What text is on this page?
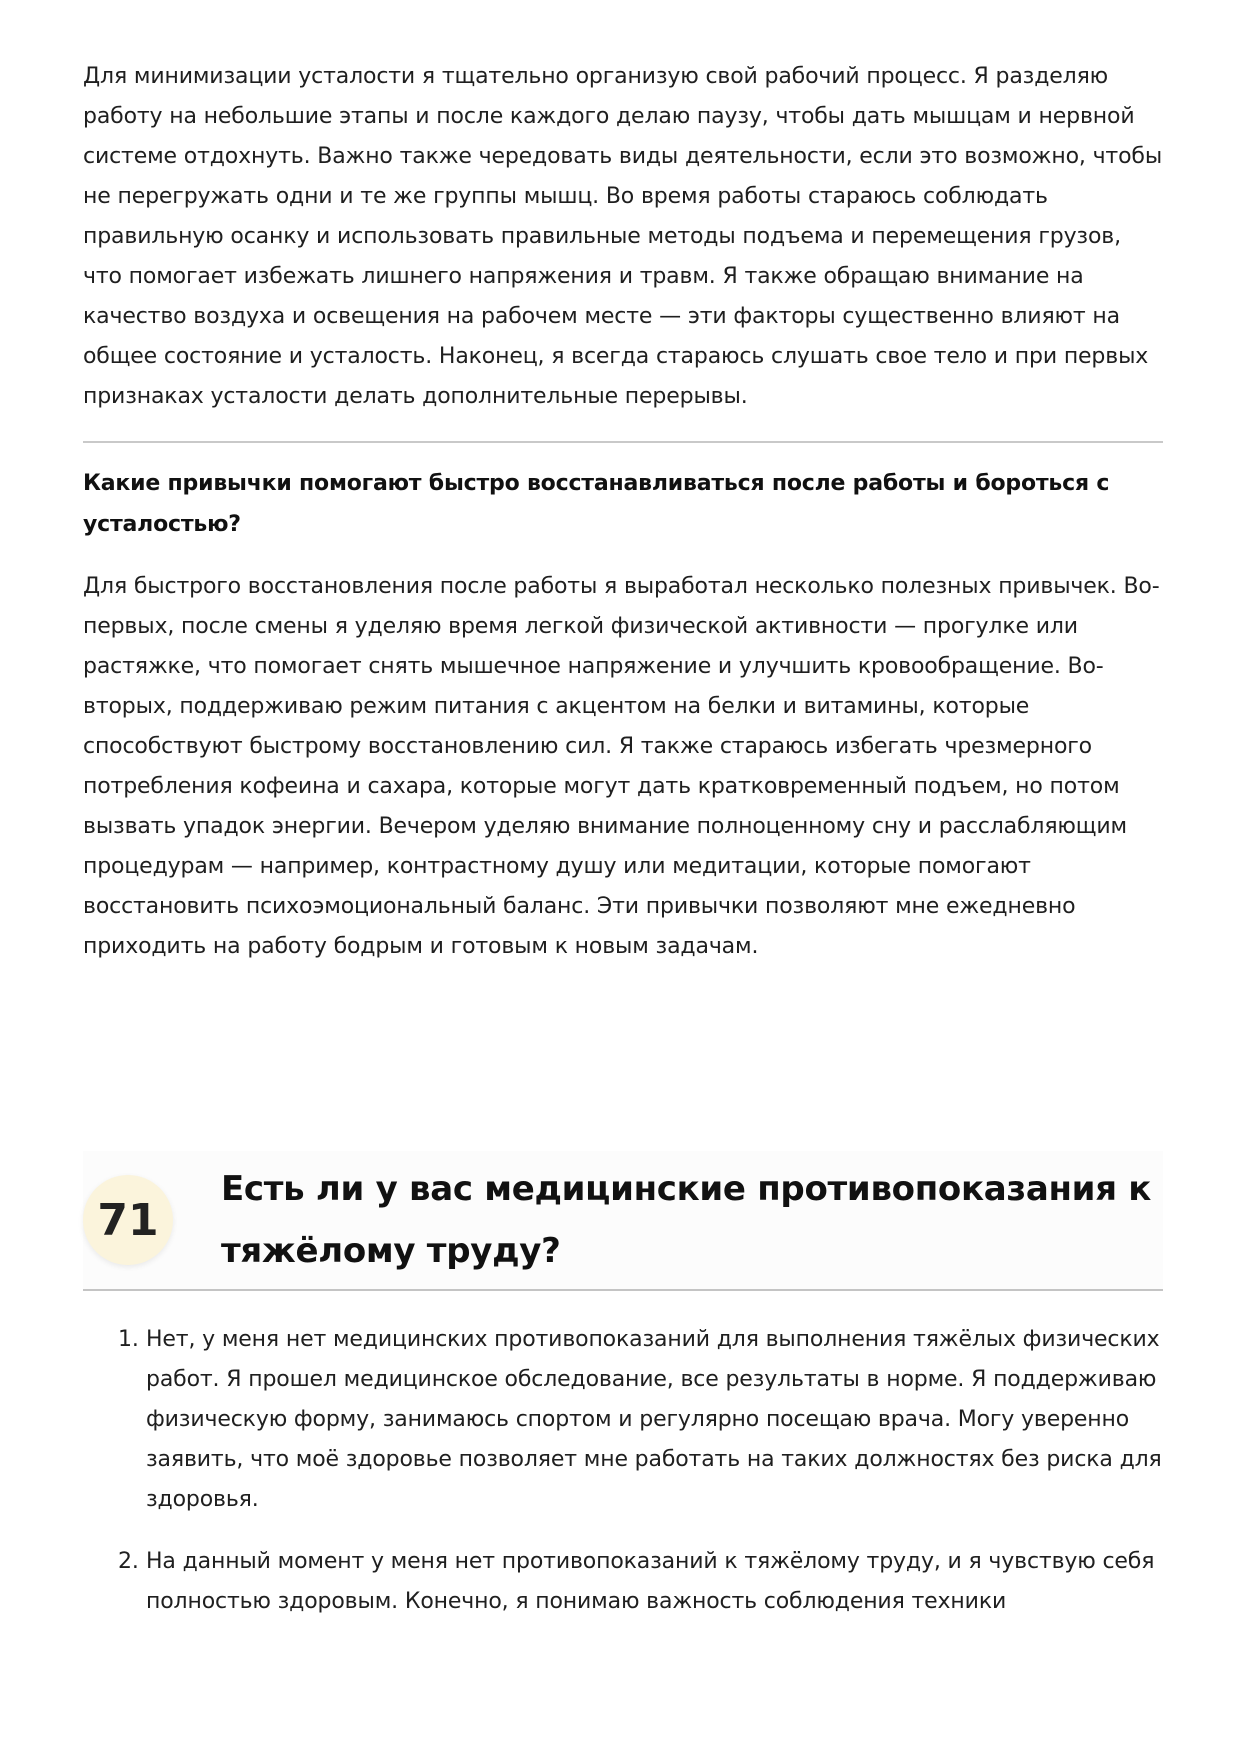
Для минимизации усталости я тщательно организую свой рабочий процесс. Я разделяю работу на небольшие этапы и после каждого делаю паузу, чтобы дать мышцам и нервной системе отдохнуть. Важно также чередовать виды деятельности, если это возможно, чтобы не перегружать одни и те же группы мышц. Во время работы стараюсь соблюдать правильную осанку и использовать правильные методы подъема и перемещения грузов, что помогает избежать лишнего напряжения и травм. Я также обращаю внимание на качество воздуха и освещения на рабочем месте — эти факторы существенно влияют на общее состояние и усталость. Наконец, я всегда стараюсь слушать свое тело и при первых признаках усталости делать дополнительные перерывы.

Какие привычки помогают быстро восстанавливаться после работы и бороться с усталостью?

Для быстрого восстановления после работы я выработал несколько полезных привычек. Во-первых, после смены я уделяю время легкой физической активности — прогулке или растяжке, что помогает снять мышечное напряжение и улучшить кровообращение. Во-вторых, поддерживаю режим питания с акцентом на белки и витамины, которые способствуют быстрому восстановлению сил. Я также стараюсь избегать чрезмерного потребления кофеина и сахара, которые могут дать кратковременный подъем, но потом вызвать упадок энергии. Вечером уделяю внимание полноценному сну и расслабляющим процедурам — например, контрастному душу или медитации, которые помогают восстановить психоэмоциональный баланс. Эти привычки позволяют мне ежедневно приходить на работу бодрым и готовым к новым задачам.

71
Есть ли у вас медицинские противопоказания к тяжёлому труду?
1. Нет, у меня нет медицинских противопоказаний для выполнения тяжёлых физических работ. Я прошел медицинское обследование, все результаты в норме. Я поддерживаю физическую форму, занимаюсь спортом и регулярно посещаю врача. Могу уверенно заявить, что моё здоровье позволяет мне работать на таких должностях без риска для здоровья.
2. На данный момент у меня нет противопоказаний к тяжёлому труду, и я чувствую себя полностью здоровым. Конечно, я понимаю важность соблюдения техники
